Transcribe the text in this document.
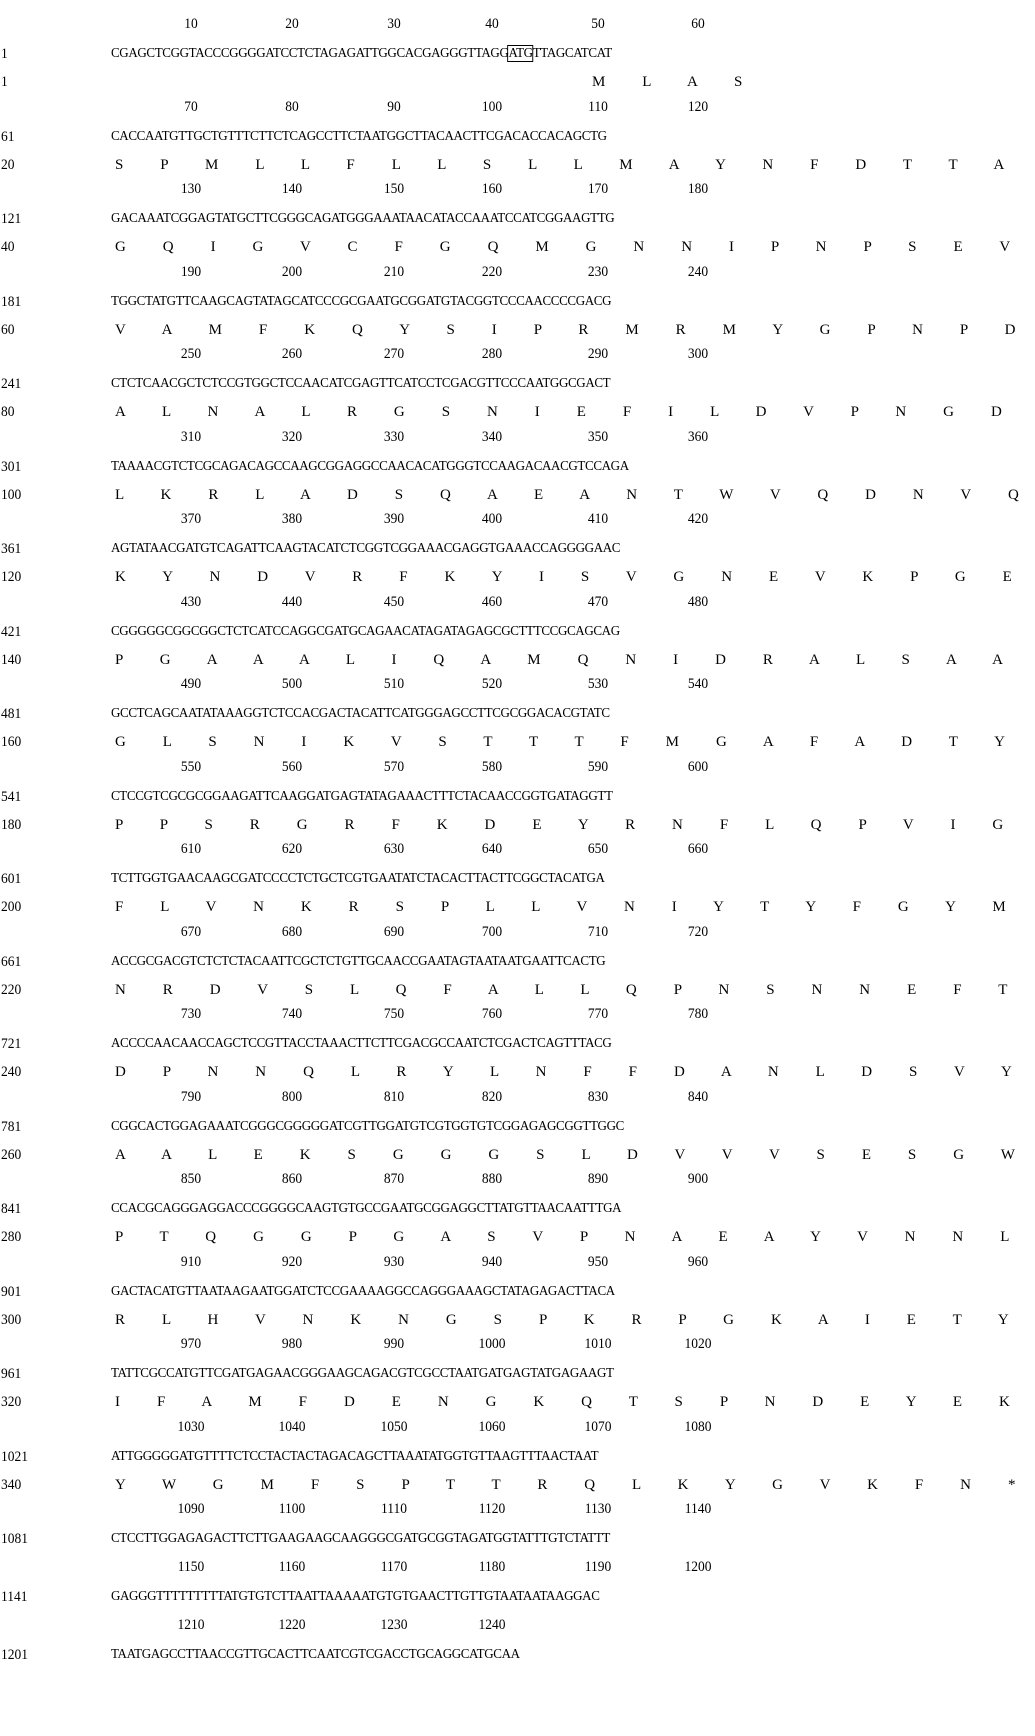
10	20	30	40	50	60
1	CGAGCTCGGTACCCGGGGATCCTCTAGAGATTGGCACGAGGGTTAGGATGTTAGCATCAT
1	M L A S
70	80	90	100	110	120
61	CACCAATGTTGCTGTTTCTTCTCAGCCTTCTAATGGCTTACAACTTCGACACCACAGCTG
20	S P M L L F L L S L L M A Y N F D T T A
130	140	150	160	170	180
121	GACAAATCGGAGTATGCTTCGGGCAGATGGGAAATAACATACCAAATCCATCGGAAGTTG
40	G Q I G V C F G Q M G N N I P N P S E V
190	200	210	220	230	240
181	TGGCTATGTTCAAGCAGTATAGCATCCCGCGAATGCGGATGTACGGTCCCAACCCCGACG
60	V A M F K Q Y S I P R M R M Y G P N P D
250	260	270	280	290	300
241	CTCTCAACGCTCTCCGTGGCTCCAACATCGAGTTCATCCTCGACGTTCCCAATGGCGACT
80	A L N A L R G S N I E F I L D V P N G D
310	320	330	340	350	360
301	TAAAACGTCTCGCAGACAGCCAAGCGGAGGCCAACACATGGGTCCAAGACAACGTCCAGA
100	L K R L A D S Q A E A N T W V Q D N V Q
370	380	390	400	410	420
361	AGTATAACGATGTCAGATTCAAGTACATCTCGGTCGGAAACGAGGTGAAACCAGGGGAAC
120	K Y N D V R F K Y I S V G N E V K P G E
430	440	450	460	470	480
421	CGGGGGCGGCGGCTCTCATCCAGGCGATGCAGAACATAGATAGAGCGCTTTCCGCAGCAG
140	P G A A A L I Q A M Q N I D R A L S A A
490	500	510	520	530	540
481	GCCTCAGCAATATAAAGGTCTCCACGACTACATTCATGGGAGCCTTCGCGGACACGTATC
160	G L S N I K V S T T T F M G A F A D T Y
550	560	570	580	590	600
541	CTCCGTCGCGCGGAAGATTCAAGGATGAGTATAGAAACTTTCTACAACCGGTGATAGGTT
180	P P S R G R F K D E Y R N F L Q P V I G
610	620	630	640	650	660
601	TCTTGGTGAACAAGCGATCCCCTCTGCTCGTGAATATCTACACTTACTTCGGCTACATGA
200	F L V N K R S P L L V N I Y T Y F G Y M
670	680	690	700	710	720
661	ACCGCGACGTCTCTCTACAATTCGCTCTGTTGCAACCGAATAGTAATAATGAATTCACTG
220	N R D V S L Q F A L L Q P N S N N E F T
730	740	750	760	770	780
721	ACCCCAACAACCAGCTCCGTTACCTAAACTTCTTCGACGCCAATCTCGACTCAGTTTACG
240	D P N N Q L R Y L N F F D A N L D S V Y
790	800	810	820	830	840
781	CGGCACTGGAGAAATCGGGCGGGGGATCGTTGGATGTCGTGGTGTCGGAGAGCGGTTGGC
260	A A L E K S G G G S L D V V V S E S G W
850	860	870	880	890	900
841	CCACGCAGGGAGGACCCGGGGCAAGTGTGCCGAATGCGGAGGCTTATGTTAACAATTTGA
280	P T Q G G P G A S V P N A E A Y V N N L
910	920	930	940	950	960
901	GACTACATGTTAATAAGAATGGATCTCCGAAAAGGCCAGGGAAAGCTATAGAGACTTACA
300	R L H V N K N G S P K R P G K A I E T Y
970	980	990	1000	1010	1020
961	TATTCGCCATGTTCGATGAGAACGGGAAGCAGACGTCGCCTAATGATGAGTATGAGAAGT
320	I F A M F D E N G K Q T S P N D E Y E K
1030	1040	1050	1060	1070	1080
1021	ATTGGGGGATGTTTTCTCCTACTACTAGACAGCTTAAATATGGTGTTAAGTTTAACTAAT
340	Y W G M F S P T T R Q L K Y G V K F N *
1090	1100	1110	1120	1130	1140
1081	CTCCTTGGAGAGACTTCTTGAAGAAGCAAGGGCGATGCGGTAGATGGTATTTGTCTATTT
1150	1160	1170	1180	1190	1200
1141	GAGGGTTTTTTTTTATGTGTCTTAATTAAAAATGTGTGAACTTGTTGTAATAATAAGGAC
1210	1220	1230	1240
1201	TAATGAGCCTTAACCGTTGCACTTCAATCGTCGACCTGCAGGCATGCAA
